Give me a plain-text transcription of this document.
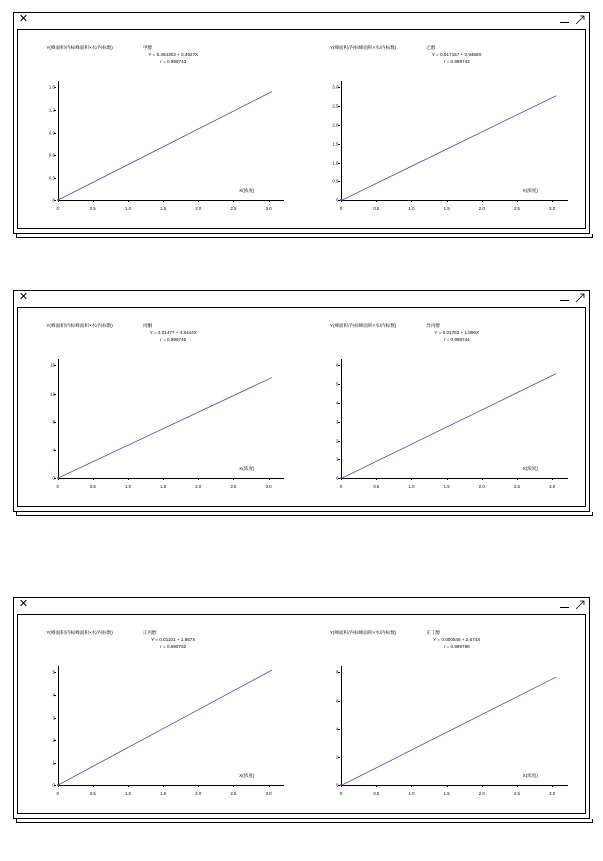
✕
Y(峰面积/内标峰面积×水/内标数)	甲醇
Y = 0.464303 + 0.4927X
r = 0.999743
0	0.5	1.0	1.5	2.0	2.5	3.0
0
0.3
0.6
0.9
1.2
1.5
X(浓度)
Y(峰面积/内标峰面积×水/内标数)	乙醇
Y = 0.917157 + 0.9468X
r = 0.999743
0	0.5	1.0	1.5	2.0	2.5	3.0
0
0.5
1.0
1.5
2.0
2.5
3.0
X(浓度)
✕
Y(峰面积/内标峰面积×水/内标数)	丙酮
Y = 4.01477 + 4.8444X
r = 0.999745
0	0.5	1.0	1.5	2.0	2.5	3.0
0
4
8
12
16
X(浓度)
Y(峰面积/内标峰面积×水/内标数)	异丙醇
Y = 0.01763 + 1.896X
r = 0.999744
0	0.5	1.0	1.5	2.0	2.5	3.0
0
1
2
3
4
5
6
X(浓度)
✕
Y(峰面积/内标峰面积×水/内标数)	正丙醇
Y = 0.01101 + 1.867X
r = 0.999752
0	0.5	1.0	1.5	2.0	2.5	3.0
0
1
2
3
4
5
X(浓度)
Y(峰面积/内标峰面积×水/内标数)	正丁醇
Y = 0.000546 + 2.674X
r = 0.999786
0	0.5	1.0	1.5	2.0	2.5	3.0
0
2
4
6
8
X(浓度)
